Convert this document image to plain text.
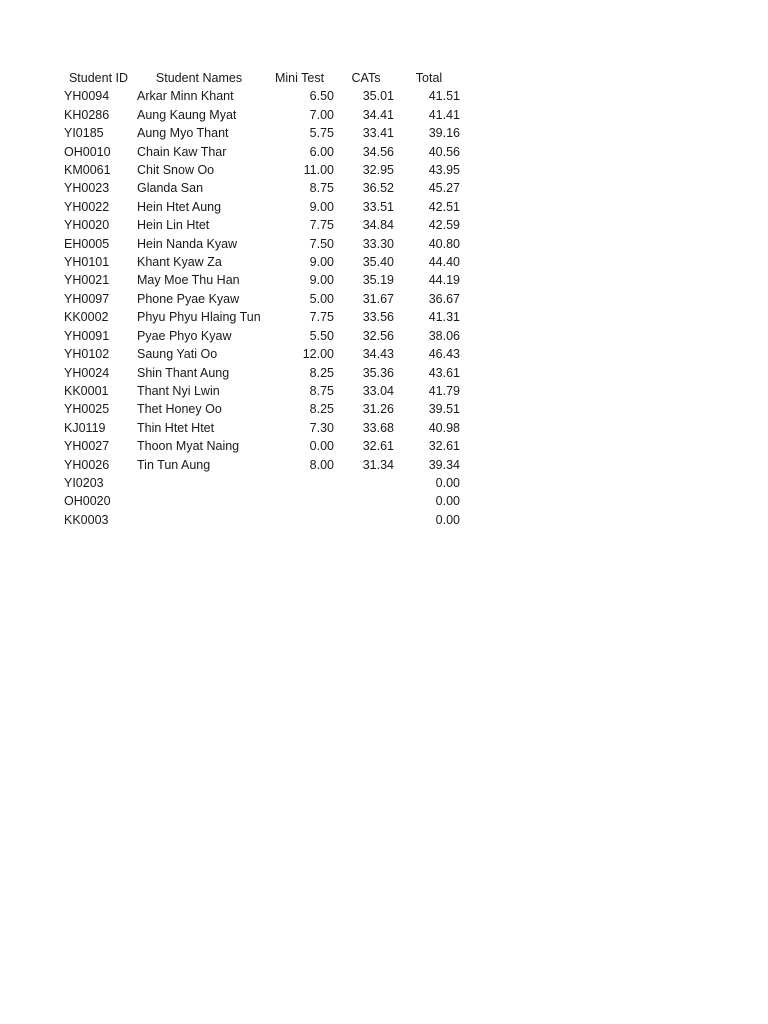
Student ID	Student Names	Mini Test	CATs	Total
YH0094	Arkar Minn Khant	6.50	35.01	41.51
KH0286	Aung Kaung Myat	7.00	34.41	41.41
YI0185	Aung Myo Thant	5.75	33.41	39.16
OH0010	Chain Kaw Thar	6.00	34.56	40.56
KM0061	Chit Snow Oo	11.00	32.95	43.95
YH0023	Glanda San	8.75	36.52	45.27
YH0022	Hein Htet Aung	9.00	33.51	42.51
YH0020	Hein Lin Htet	7.75	34.84	42.59
EH0005	Hein Nanda Kyaw	7.50	33.30	40.80
YH0101	Khant Kyaw Za	9.00	35.40	44.40
YH0021	May Moe Thu Han	9.00	35.19	44.19
YH0097	Phone Pyae Kyaw	5.00	31.67	36.67
KK0002	Phyu Phyu Hlaing Tun	7.75	33.56	41.31
YH0091	Pyae Phyo Kyaw	5.50	32.56	38.06
YH0102	Saung Yati Oo	12.00	34.43	46.43
YH0024	Shin Thant Aung	8.25	35.36	43.61
KK0001	Thant Nyi Lwin	8.75	33.04	41.79
YH0025	Thet Honey Oo	8.25	31.26	39.51
KJ0119	Thin Htet Htet	7.30	33.68	40.98
YH0027	Thoon Myat Naing	0.00	32.61	32.61
YH0026	Tin Tun Aung	8.00	31.34	39.34
YI0203				0.00
OH0020				0.00
KK0003				0.00
